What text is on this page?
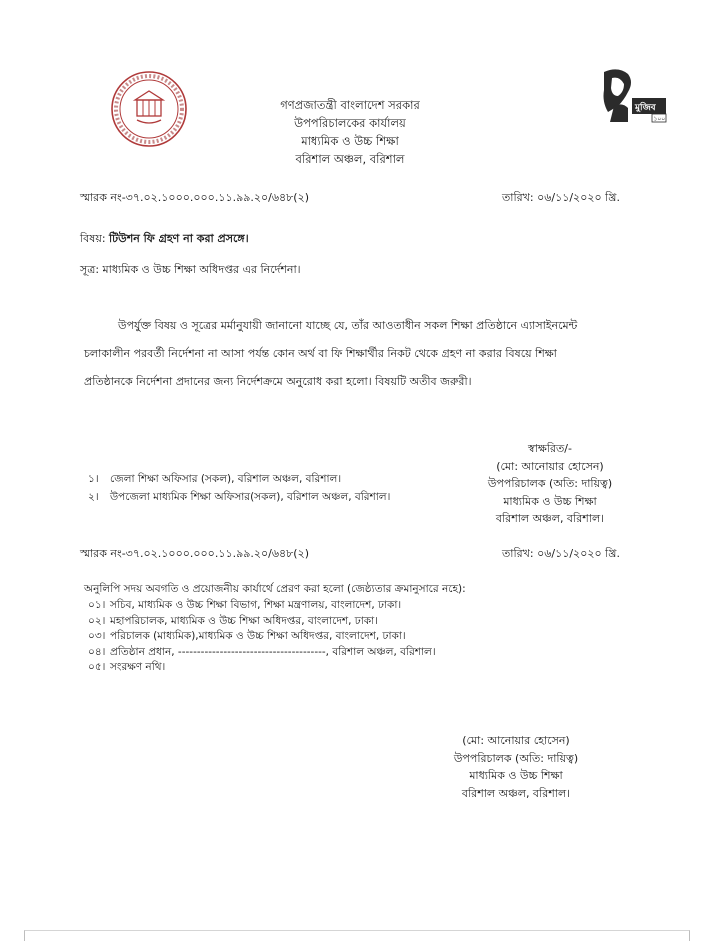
গণপ্রজাতন্ত্রী বাংলাদেশ সরকার
উপপরিচালকের কার্যালয়
মাধ্যমিক ও উচ্চ শিক্ষা
বরিশাল অঞ্চল, বরিশাল
মুজিব
১০০
স্মারক নং-৩৭.০২.১০০০.০০০.১১.৯৯.২০/৬৪৮(২)	তারিখ: ০৬/১১/২০২০ খ্রি.
বিষয়: টিউশন ফি গ্রহণ না করা প্রসঙ্গে।
সূত্র: মাধ্যমিক ও উচ্চ শিক্ষা অধিদপ্তর এর নির্দেশনা।
উপর্যুক্ত বিষয় ও সূত্রের মর্মানুযায়ী জানানো যাচ্ছে যে, তাঁর আওতাধীন সকল শিক্ষা প্রতিষ্ঠানে এ্যাসাইনমেন্ট
চলাকালীন পরবর্তী নির্দেশনা না আসা পর্যন্ত কোন অর্থ বা ফি শিক্ষার্থীর নিকট থেকে গ্রহণ না করার বিষয়ে শিক্ষা
প্রতিষ্ঠানকে নির্দেশনা প্রদানের জন্য নির্দেশক্রমে অনুরোধ করা হলো। বিষয়টি অতীব জরুরী।
স্বাক্ষরিত/-
(মো: আনোয়ার হোসেন)
উপপরিচালক (অতি: দায়িত্ব)
মাধ্যমিক ও উচ্চ শিক্ষা
বরিশাল অঞ্চল, বরিশাল।
১। জেলা শিক্ষা অফিসার (সকল), বরিশাল অঞ্চল, বরিশাল।
২। উপজেলা মাধ্যমিক শিক্ষা অফিসার(সকল), বরিশাল অঞ্চল, বরিশাল।
স্মারক নং-৩৭.০২.১০০০.০০০.১১.৯৯.২০/৬৪৮(২)	তারিখ: ০৬/১১/২০২০ খ্রি.
অনুলিপি সদয় অবগতি ও প্রয়োজনীয় কার্যার্থে প্রেরণ করা হলো (জেষ্ঠ্যতার ক্রমানুসারে নহে):
০১। সচিব, মাধ্যমিক ও উচ্চ শিক্ষা বিভাগ, শিক্ষা মন্ত্রণালয়, বাংলাদেশ, ঢাকা।
০২। মহাপরিচালক, মাধ্যমিক ও উচ্চ শিক্ষা অধিদপ্তর, বাংলাদেশ, ঢাকা।
০৩। পরিচালক (মাধ্যমিক),মাধ্যমিক ও উচ্চ শিক্ষা অধিদপ্তর, বাংলাদেশ, ঢাকা।
০৪। প্রতিষ্ঠান প্রধান, ---------------------------------------, বরিশাল অঞ্চল, বরিশাল।
০৫। সংরক্ষণ নথি।
(মো: আনোয়ার হোসেন)
উপপরিচালক (অতি: দায়িত্ব)
মাধ্যমিক ও উচ্চ শিক্ষা
বরিশাল অঞ্চল, বরিশাল।
